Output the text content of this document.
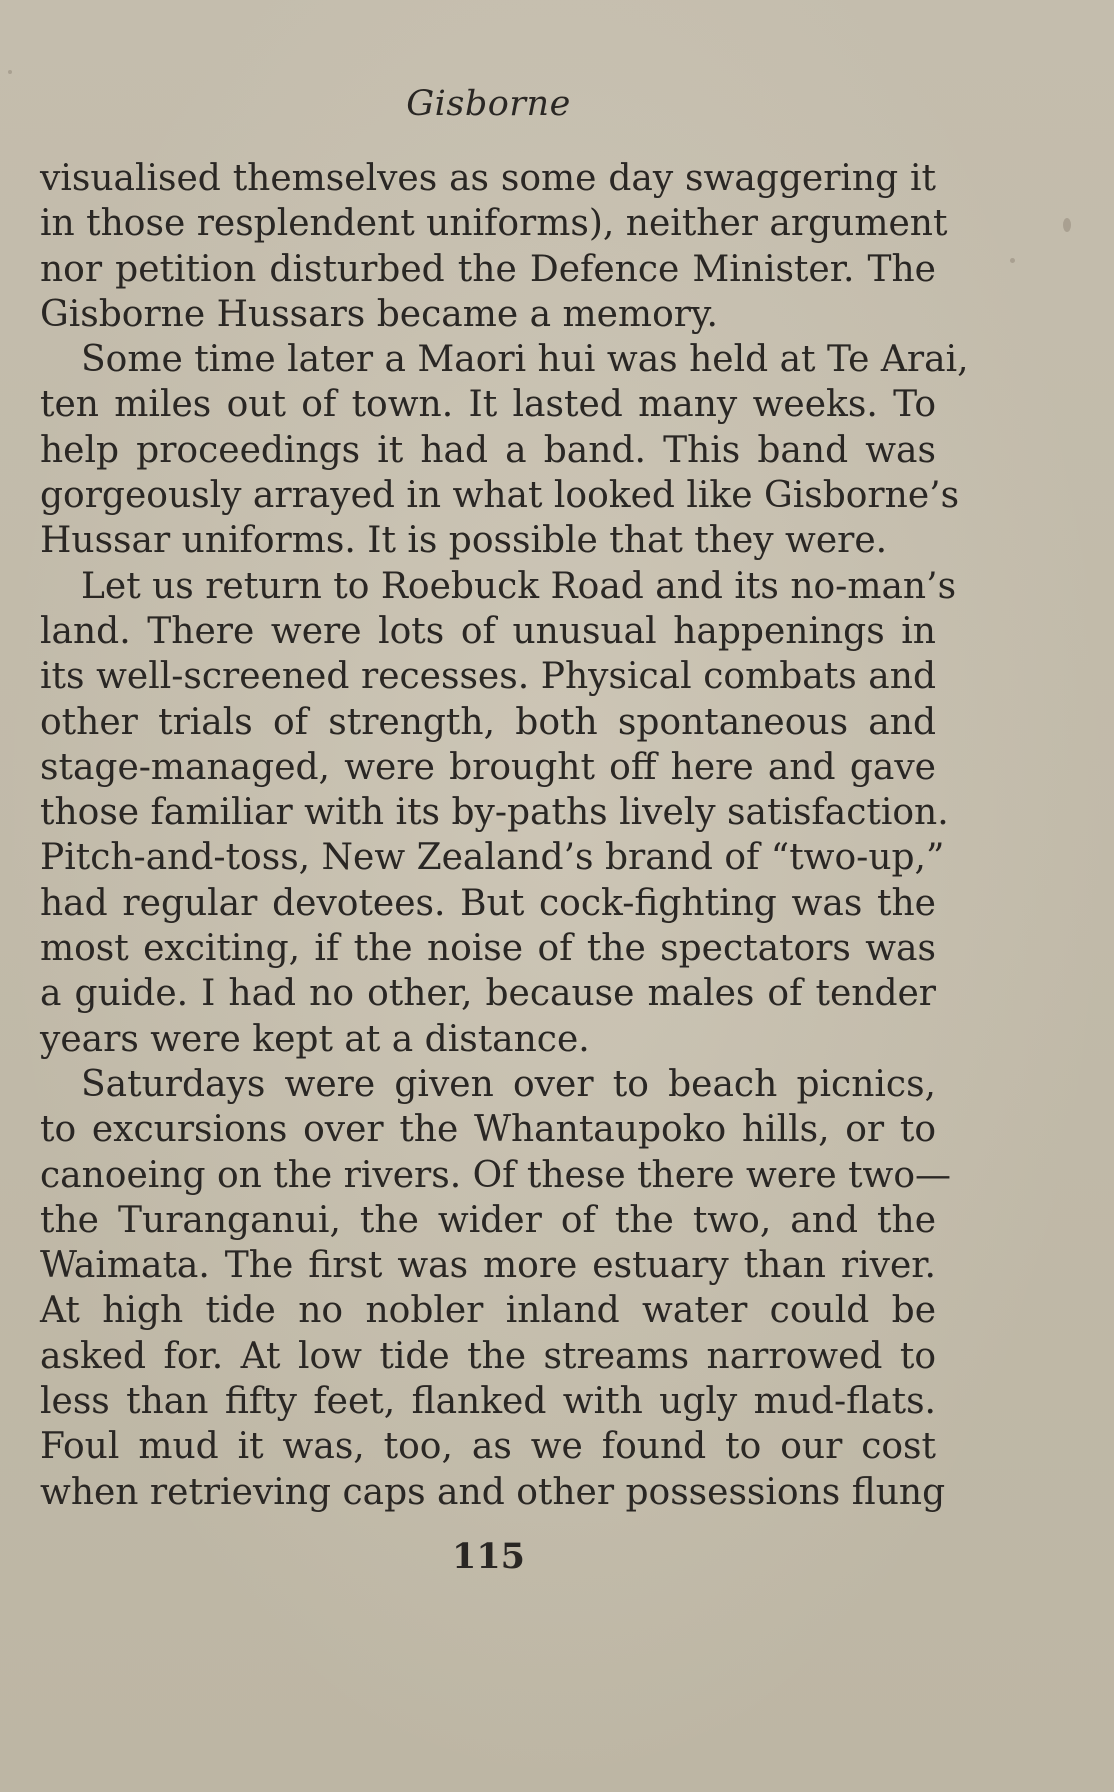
Gisborne
visualised themselves as some day swaggering it
in those resplendent uniforms), neither argument
nor petition disturbed the Defence Minister. The
Gisborne Hussars became a memory.
Some time later a Maori hui was held at Te Arai,
ten miles out of town. It lasted many weeks. To
help proceedings it had a band. This band was
gorgeously arrayed in what looked like Gisborne’s
Hussar uniforms. It is possible that they were.
Let us return to Roebuck Road and its no-man’s
land. There were lots of unusual happenings in
its well-screened recesses. Physical combats and
other trials of strength, both spontaneous and
stage-managed, were brought off here and gave
those familiar with its by-paths lively satisfaction.
Pitch-and-toss, New Zealand’s brand of “two-up,”
had regular devotees. But cock-fighting was the
most exciting, if the noise of the spectators was
a guide. I had no other, because males of tender
years were kept at a distance.
Saturdays were given over to beach picnics,
to excursions over the Whantaupoko hills, or to
canoeing on the rivers. Of these there were two—
the Turanganui, the wider of the two, and the
Waimata. The first was more estuary than river.
At high tide no nobler inland water could be
asked for. At low tide the streams narrowed to
less than fifty feet, flanked with ugly mud-flats.
Foul mud it was, too, as we found to our cost
when retrieving caps and other possessions flung
115
